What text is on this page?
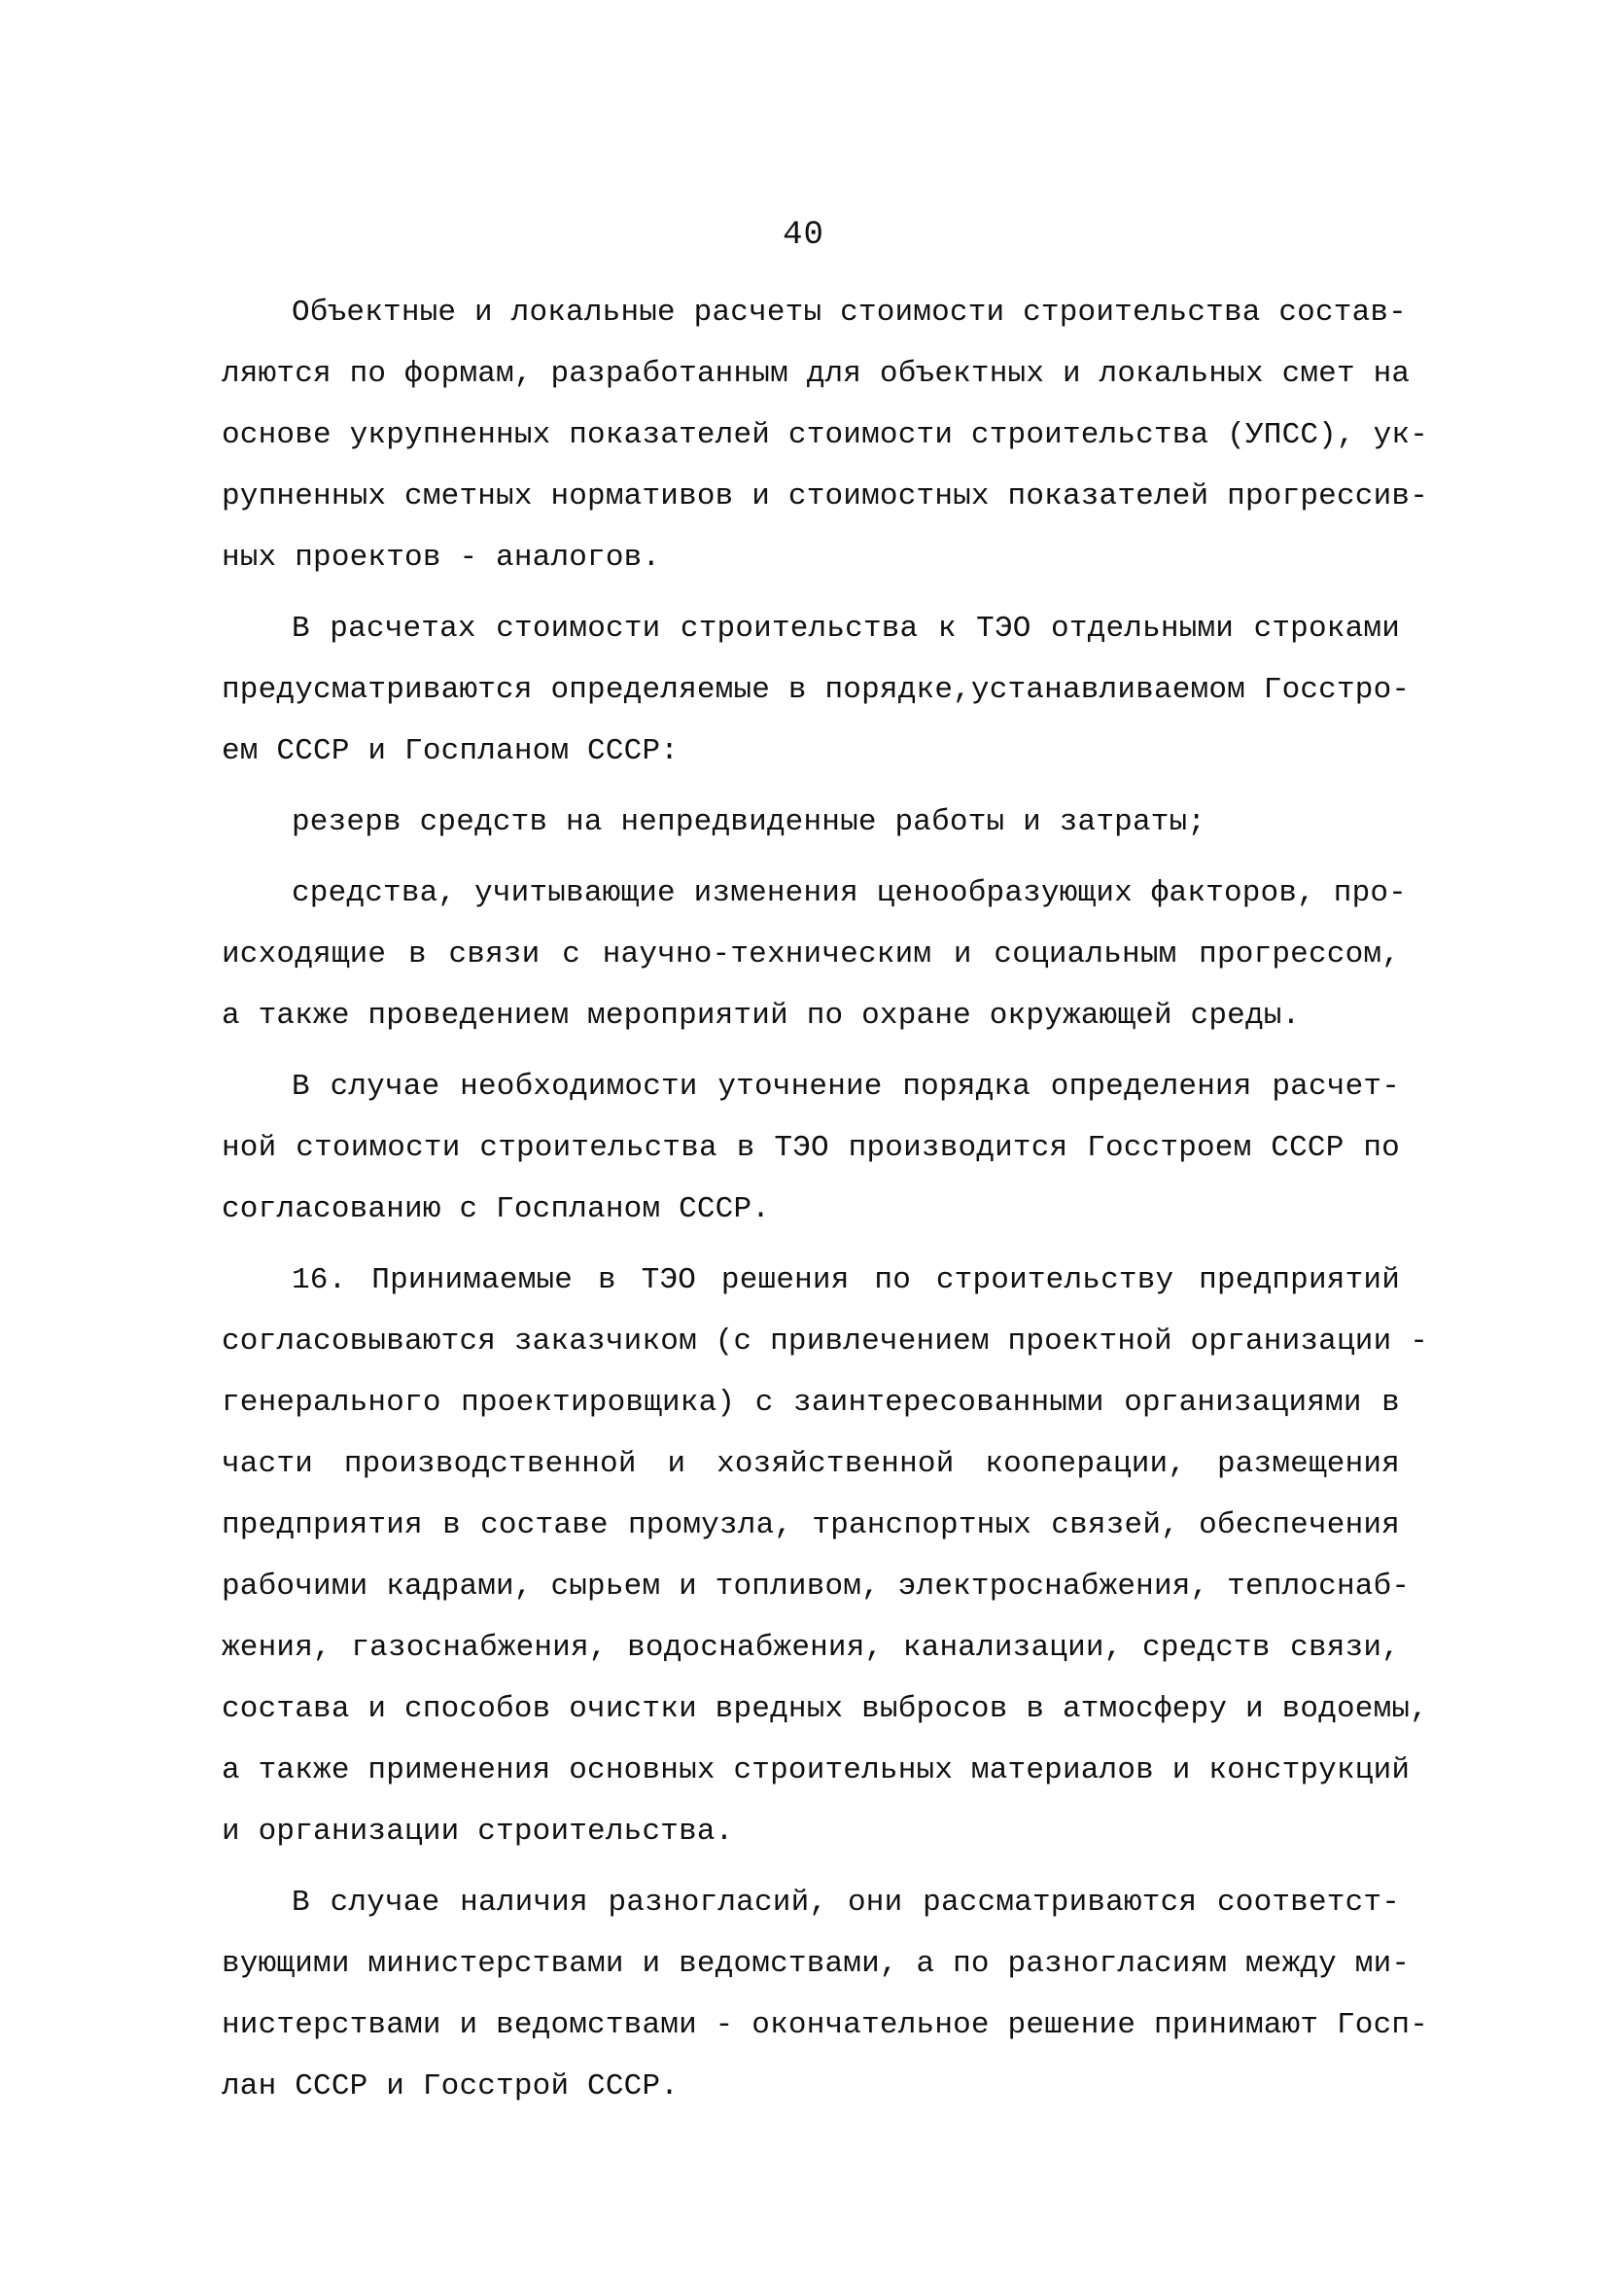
40
Объектные и локальные расчеты стоимости строительства состав-
ляются по формам, разработанным для объектных и локальных смет на
основе укрупненных показателей стоимости строительства (УПСС), ук-
рупненных сметных нормативов и стоимостных показателей прогрессив-
ных проектов - аналогов.
В расчетах стоимости строительства к ТЭО отдельными строками
предусматриваются определяемые в порядке,устанавливаемом Госстро-
ем СССР и Госпланом СССР:
резерв средств на непредвиденные работы и затраты;
средства, учитывающие изменения ценообразующих факторов, про-
исходящие в связи с научно-техническим и социальным прогрессом,
а также проведением мероприятий по охране окружающей среды.
В случае необходимости уточнение порядка определения расчет-
ной стоимости строительства в ТЭО производится Госстроем СССР по
согласованию с Госпланом СССР.
16. Принимаемые в ТЭО решения по строительству предприятий
согласовываются заказчиком (с привлечением проектной организации -
генерального проектировщика) с заинтересованными организациями в
части производственной и хозяйственной кооперации, размещения
предприятия в составе промузла, транспортных связей, обеспечения
рабочими кадрами, сырьем и топливом, электроснабжения, теплоснаб-
жения, газоснабжения, водоснабжения, канализации, средств связи,
состава и способов очистки вредных выбросов в атмосферу и водоемы,
а также применения основных строительных материалов и конструкций
и организации строительства.
В случае наличия разногласий, они рассматриваются соответст-
вующими министерствами и ведомствами, а по разногласиям между ми-
нистерствами и ведомствами - окончательное решение принимают Госп-
лан СССР и Госстрой СССР.
